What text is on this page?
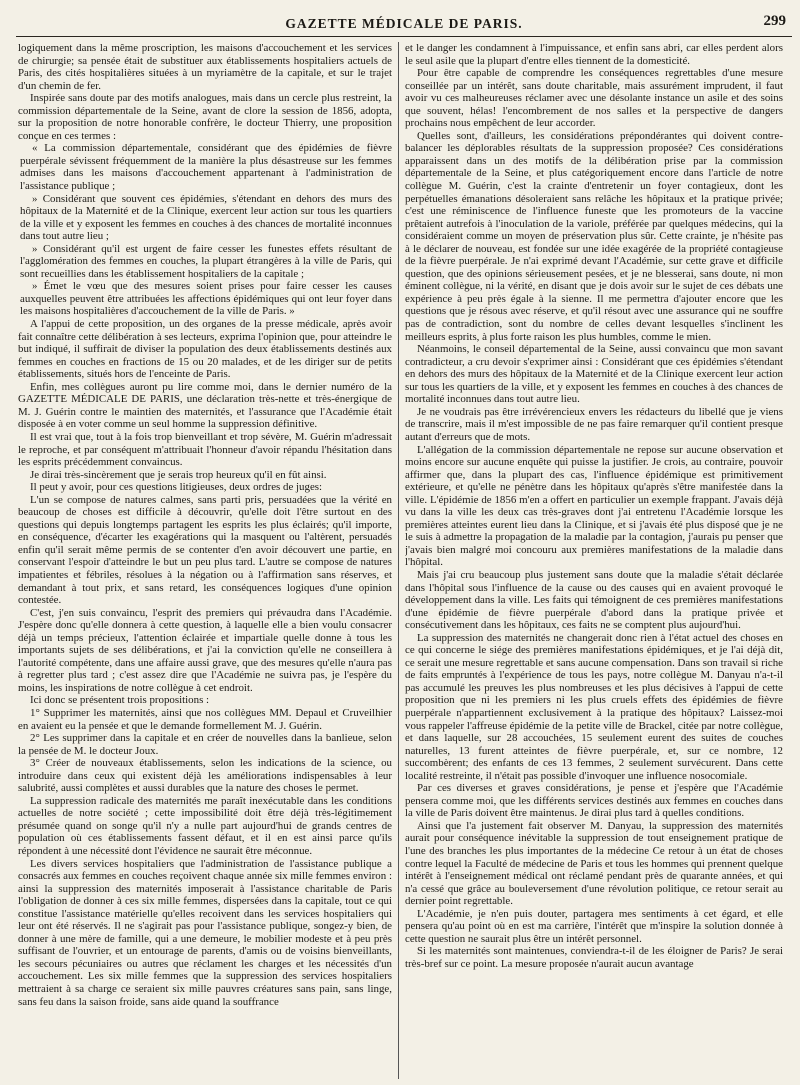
GAZETTE MÉDICALE DE PARIS.	299

logiquement dans la même proscription, les maisons d'accouchement et les services de chirurgie; sa pensée était de substituer aux établissements hospitaliers actuels de Paris, des cités hospitalières situées à un myriamètre de la capitale, et sur le trajet d'un chemin de fer.

Inspirée sans doute par des motifs analogues, mais dans un cercle plus restreint, la commission départementale de la Seine, avant de clore la session de 1856, adopta, sur la proposition de notre honorable confrère, le docteur Thierry, une proposition conçue en ces termes :

« La commission départementale, considérant que des épidémies de fièvre puerpérale sévissent fréquemment de la manière la plus désastreuse sur les femmes admises dans les maisons d'accouchement appartenant à l'administration de l'assistance publique ;

» Considérant que souvent ces épidémies, s'étendant en dehors des murs des hôpitaux de la Maternité et de la Clinique, exercent leur action sur tous les quartiers de la ville et y exposent les femmes en couches à des chances de mortalité inconnues dans tout autre lieu ;

» Considérant qu'il est urgent de faire cesser les funestes effets résultant de l'agglomération des femmes en couches, la plupart étrangères à la ville de Paris, qui sont recueillies dans les établissement hospitaliers de la capitale ;

» Émet le vœu que des mesures soient prises pour faire cesser les causes auxquelles peuvent être attribuées les affections épidémiques qui ont leur foyer dans les maisons hospitalières d'accouchement de la ville de Paris. »

A l'appui de cette proposition, un des organes de la presse médicale, après avoir fait connaître cette délibération à ses lecteurs, exprima l'opinion que, pour atteindre le but indiqué, il suffirait de diviser la population des deux établissements destinés aux femmes en couches en fractions de 15 ou 20 malades, et de les diriger sur de petits établissements, situés hors de l'enceinte de Paris.

Enfin, mes collègues auront pu lire comme moi, dans le dernier numéro de la GAZETTE MÉDICALE DE PARIS, une déclaration très-nette et très-énergique de M. J. Guérin contre le maintien des maternités, et l'assurance que l'Académie était disposée à en voter comme un seul homme la suppression définitive.

Il est vrai que, tout à la fois trop bienveillant et trop sévère, M. Guérin m'adressait le reproche, et par conséquent m'attribuait l'honneur d'avoir répandu l'hésitation dans les esprits précédemment convaincus.

Je dirai très-sincèrement que je serais trop heureux qu'il en fût ainsi.

Il peut y avoir, pour ces questions litigieuses, deux ordres de juges:

L'un se compose de natures calmes, sans parti pris, persuadées que la vérité en beaucoup de choses est difficile à découvrir, qu'elle doit l'être surtout en des questions qui depuis longtemps partagent les esprits les plus éclairés; qu'il importe, en conséquence, d'écarter les exagérations qui la masquent ou l'altèrent, persuadés enfin qu'il serait même permis de se contenter d'en avoir découvert une partie, en conservant l'espoir d'atteindre le but un peu plus tard. L'autre se compose de natures impatientes et fébriles, résolues à la négation ou à l'affirmation sans réserves, et demandant à tout prix, et sans retard, les conséquences logiques d'une opinion contestée.

C'est, j'en suis convaincu, l'esprit des premiers qui prévaudra dans l'Académie. J'espère donc qu'elle donnera à cette question, à laquelle elle a bien voulu consacrer déjà un temps précieux, l'attention éclairée et impartiale quelle donne à tous les importants sujets de ses délibérations, et j'ai la conviction qu'elle ne conseillera à l'autorité compétente, dans une affaire aussi grave, que des mesures qu'elle n'aura pas à regretter plus tard ; c'est assez dire que l'Académie ne suivra pas, je l'espère du moins, les inspirations de notre collègue à cet endroit.

Ici donc se présentent trois propositions :

1° Supprimer les maternités, ainsi que nos collègues MM. Depaul et Cruveilhier en avaient eu la pensée et que le demande formellement M. J. Guérin.

2° Les supprimer dans la capitale et en créer de nouvelles dans la banlieue, selon la pensée de M. le docteur Joux.

3° Créer de nouveaux établissements, selon les indications de la science, ou introduire dans ceux qui existent déjà les améliorations indispensables à leur salubrité, aussi complètes et aussi durables que la nature des choses le permet.

La suppression radicale des maternités me paraît inexécutable dans les conditions actuelles de notre société ; cette impossibilité doit être déjà très-légitimement présumée quand on songe qu'il n'y a nulle part aujourd'hui de grands centres de population où ces établissements fassent défaut, et il en est ainsi parce qu'ils répondent à une nécessité dont l'évidence ne saurait être méconnue.

Les divers services hospitaliers que l'administration de l'assistance publique a consacrés aux femmes en couches reçoivent chaque année six mille femmes environ : ainsi la suppression des maternités imposerait à l'assistance charitable de Paris l'obligation de donner à ces six mille femmes, dispersées dans la capitale, tout ce qui constitue l'assistance matérielle qu'elles recoivent dans les services hospitaliers qui leur ont été réservés. Il ne s'agirait pas pour l'assistance publique, songez-y bien, de donner à une mère de famille, qui a une demeure, le mobilier modeste et à peu près suffisant de l'ouvrier, et un entourage de parents, d'amis ou de voisins bienveillants, les secours pécuniaires ou autres que réclament les charges et les nécessités d'un accouchement. Les six mille femmes que la suppression des services hospitaliers mettraient à sa charge ce seraient six mille pauvres créatures sans pain, sans linge, sans feu dans la saison froide, sans aide quand la souffrance

et le danger les condamnent à l'impuissance, et enfin sans abri, car elles perdent alors le seul asile que la plupart d'entre elles tiennent de la domesticité.

Pour être capable de comprendre les conséquences regrettables d'une mesure conseillée par un intérêt, sans doute charitable, mais assurément imprudent, il faut avoir vu ces malheureuses réclamer avec une désolante instance un asile et des soins que souvent, hélas! l'encombrement de nos salles et la perspective de dangers prochains nous empêchent de leur accorder.

Quelles sont, d'ailleurs, les considérations prépondérantes qui doivent contre-balancer les déplorables résultats de la suppression proposée? Ces considérations apparaissent dans un des motifs de la délibération prise par la commission départementale de la Seine, et plus catégoriquement encore dans l'article de notre collègue M. Guérin, c'est la crainte d'entretenir un foyer contagieux, dont les perpétuelles émanations désoleraient sans relâche les hôpitaux et la pratique privée; c'est une réminiscence de l'influence funeste que les promoteurs de la vaccine prêtaient autrefois à l'inoculation de la variole, préférée par quelques médecins, qui la considéraient comme un moyen de préservation plus sûr. Cette crainte, je n'hésite pas à le déclarer de nouveau, est fondée sur une idée exagérée de la propriété contagieuse de la fièvre puerpérale. Je n'ai exprimé devant l'Académie, sur cette grave et difficile question, que des opinions sérieusement pesées, et je ne blesserai, sans doute, ni mon éminent collègue, ni la vérité, en disant que je dois avoir sur le sujet de ces débats une expérience à peu près égale à la sienne. Il me permettra d'ajouter encore que les questions que je résous avec réserve, et qu'il résout avec une assurance qui ne souffre pas de contradiction, sont du nombre de celles devant lesquelles s'inclinent les meilleurs esprits, à plus forte raison les plus humbles, comme le mien.

Néanmoins, le conseil départemental de la Seine, aussi convaincu que mon savant contradicteur, a cru devoir s'exprimer ainsi : Considérant que ces épidémies s'étendant en dehors des murs des hôpitaux de la Maternité et de la Clinique exercent leur action sur tous les quartiers de la ville, et y exposent les femmes en couches à des chances de mortalité inconnues dans tout autre lieu.

Je ne voudrais pas être irrévérencieux envers les rédacteurs du libellé que je viens de transcrire, mais il m'est impossible de ne pas faire remarquer qu'il contient presque autant d'erreurs que de mots.

L'allégation de la commission départementale ne repose sur aucune observation et moins encore sur aucune enquête qui puisse la justifier. Je crois, au contraire, pouvoir affirmer que, dans la plupart des cas, l'influence épidémique est primitivement extérieure, et qu'elle ne pénètre dans les hôpitaux qu'après s'être manifestée dans la ville. L'épidémie de 1856 m'en a offert en particulier un exemple frappant. J'avais déjà vu dans la ville les deux cas très-graves dont j'ai entretenu l'Académie lorsque les premières atteintes eurent lieu dans la Clinique, et si j'avais été plus disposé que je ne le suis à admettre la propagation de la maladie par la contagion, j'aurais pu penser que j'avais bien malgré moi concouru aux premières manifestations de la maladie dans l'hôpital.

Mais j'ai cru beaucoup plus justement sans doute que la maladie s'était déclarée dans l'hôpital sous l'influence de la cause ou des causes qui en avaient provoqué le développement dans la ville. Les faits qui témoignent de ces premières manifestations d'une épidémie de fièvre puerpérale d'abord dans la pratique privée et consécutivement dans les hôpitaux, ces faits ne se comptent plus aujourd'hui.

La suppression des maternités ne changerait donc rien à l'état actuel des choses en ce qui concerne le siége des premières manifestations épidémiques, et je l'ai déjà dit, ce serait une mesure regrettable et sans aucune compensation. Dans son travail si riche de faits empruntés à l'expérience de tous les pays, notre collègue M. Danyau n'a-t-il pas accumulé les preuves les plus nombreuses et les plus décisives à l'appui de cette proposition que ni les premiers ni les plus cruels effets des épidémies de fièvre puerpérale n'appartiennent exclusivement à la pratique des hôpitaux? Laissez-moi vous rappeler l'affreuse épidémie de la petite ville de Brackel, citée par notre collègue, et dans laquelle, sur 28 accouchées, 15 seulement eurent des suites de couches naturelles, 13 furent atteintes de fièvre puerpérale, et, sur ce nombre, 12 succombèrent; des enfants de ces 13 femmes, 2 seulement survécurent. Dans cette localité restreinte, il n'était pas possible d'invoquer une influence nosocomiale.

Par ces diverses et graves considérations, je pense et j'espère que l'Académie pensera comme moi, que les différents services destinés aux femmes en couches dans la ville de Paris doivent être maintenus. Je dirai plus tard à quelles conditions.

Ainsi que l'a justement fait observer M. Danyau, la suppression des maternités aurait pour conséquence inévitable la suppression de tout enseignement pratique de l'une des branches les plus importantes de la médecine Ce retour à un état de choses contre lequel la Faculté de médecine de Paris et tous les hommes qui prennent quelque intérêt à l'enseignement médical ont réclamé pendant près de quarante années, et qui n'a cessé que grâce au bouleversement d'une révolution politique, ce retour serait au dernier point regrettable.

L'Académie, je n'en puis douter, partagera mes sentiments à cet égard, et elle pensera qu'au point où en est ma carrière, l'intérêt que m'inspire la solution donnée à cette question ne saurait plus être un intérêt personnel.

Si les maternités sont maintenues, conviendra-t-il de les éloigner de Paris? Je serai très-bref sur ce point. La mesure proposée n'aurait aucun avantage
